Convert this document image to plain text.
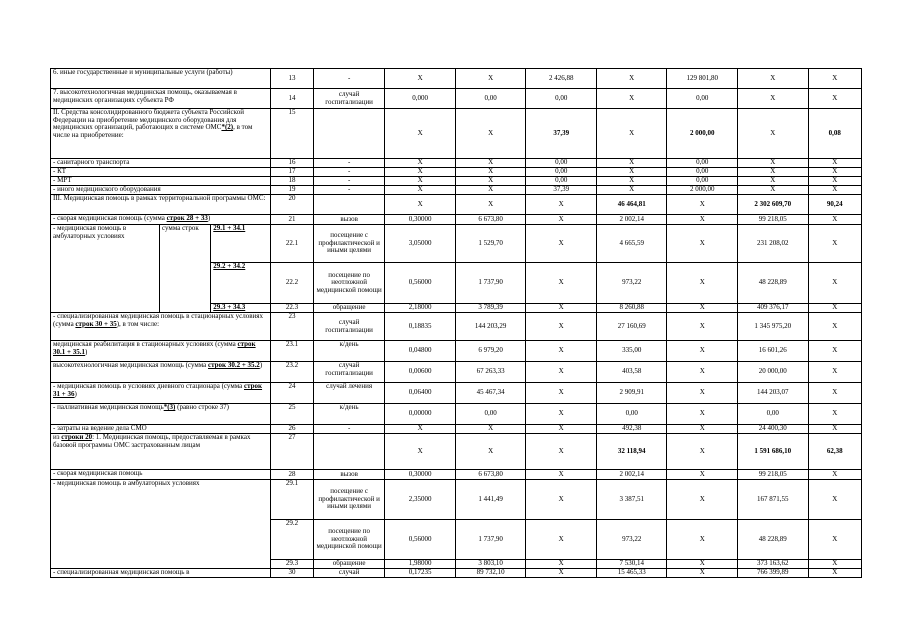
6. иные государственные и муниципальные услуги (работы)			13	-	X	X	2 426,88	X	129 801,80	X	X
7. высокотехнологичная медицинская помощь, оказываемая в медицинских организациях субъекта РФ			14	случай госпитализации	0,000	0,00	0,00	X	0,00	X	X
II. Средства консолидированного бюджета субъекта Российской Федерации на приобретение медицинского оборудования для медицинских организаций, работающих в системе ОМС*(2), в том числе на приобретение:			15		X	X	37,39	X	2 000,00	X	0,08
- санитарного транспорта			16	-	X	X	0,00	X	0,00	X	X
- КТ			17	-	X	X	0,00	X	0,00	X	X
- МРТ			18	-	X	X	0,00	X	0,00	X	X
- иного медицинского оборудования			19	-	X	X	37,39	X	2 000,00	X	X
III. Медицинская помощь в рамках территориальной программы ОМС:			20		X	X	X	46 464,81	X	2 302 609,70	90,24
- скорая медицинская помощь (сумма строк 28 + 33)			21	вызов	0,30000	6 673,80	X	2 002,14	X	99 218,05	X
- медицинская помощь в амбулаторных условиях	сумма строк	29.1 + 34.1	22.1	посещение с профилактической и иными целями	3,05000	1 529,70	X	4 665,59	X	231 208,02	X
		29.2 + 34.2	22.2	посещение по неотложной медицинской помощи	0,56000	1 737,90	X	973,22	X	48 228,89	X
		29.3 + 34.3	22.3	обращение	2,18000	3 789,39	X	8 260,88	X	409 376,17	X
- специализированная медицинская помощь в стационарных условиях (сумма строк 30 + 35), в том числе:			23	случай госпитализации	0,18835	144 203,29	X	27 160,69	X	1 345 975,20	X
медицинская реабилитация в стационарных условиях (сумма строк 30.1 + 35.1)			23.1	к/день	0,04800	6 979,20	X	335,00	X	16 601,26	X
высокотехнологичная медицинская помощь (сумма строк 30.2 + 35.2)			23.2	случай госпитализации	0,00600	67 263,33	X	403,58	X	20 000,00	X
- медицинская помощь в условиях дневного стационара (сумма строк 31 + 36)			24	случай лечения	0,06400	45 467,34	X	2 909,91	X	144 203,07	X
- паллиативная медицинская помощь*(3) (равно строке 37)			25	к/день	0,00000	0,00	X	0,00	X	0,00	X
- затраты на ведение дела СМО			26	-	X	X	X	492,38	X	24 400,30	X
из строки 20: 1. Медицинская помощь, предоставляемая в рамках базовой программы ОМС застрахованным лицам			27		X	X	X	32 118,94	X	1 591 686,10	62,38
- скорая медицинская помощь			28	вызов	0,30000	6 673,80	X	2 002,14	X	99 218,05	X
- медицинская помощь в амбулаторных условиях			29.1	посещение с профилактической и иными целями	2,35000	1 441,49	X	3 387,51	X	167 871,55	X
			29.2	посещение по неотложной медицинской помощи	0,56000	1 737,90	X	973,22	X	48 228,89	X
			29.3	обращение	1,98000	3 803,10	X	7 530,14	X	373 163,62	X
- специализированная медицинская помощь в			30	случай	0,17235	89 732,10	X	15 465,33	X	766 399,89	X
